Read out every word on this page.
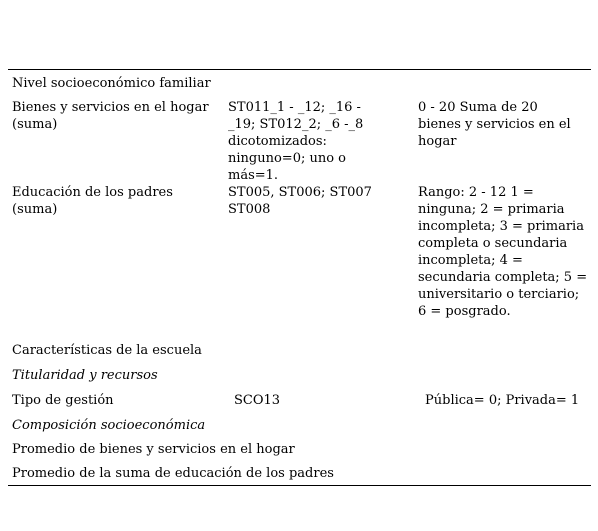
Nivel socioeconómico familiar
Bienes y servicios en el hogar (suma)
ST011_1 - _12; _16 - _19; ST012_2; _6 -_8 dicotomizados: ninguno=0; uno o más=1.
0 - 20 Suma de 20 bienes y servicios en el hogar
Educación de los padres (suma)
ST005, ST006; ST007 ST008
Rango: 2 - 12 1 = ninguna; 2 = primaria incompleta; 3 = primaria completa o secundaria incompleta; 4 = secundaria completa; 5 = universitario o terciario; 6 = posgrado.
Características de la escuela
Titularidad y recursos
Tipo de gestión	SCO13	Pública= 0; Privada= 1
Composición socioeconómica
Promedio de bienes y servicios en el hogar
Promedio de la suma de educación de los padres
